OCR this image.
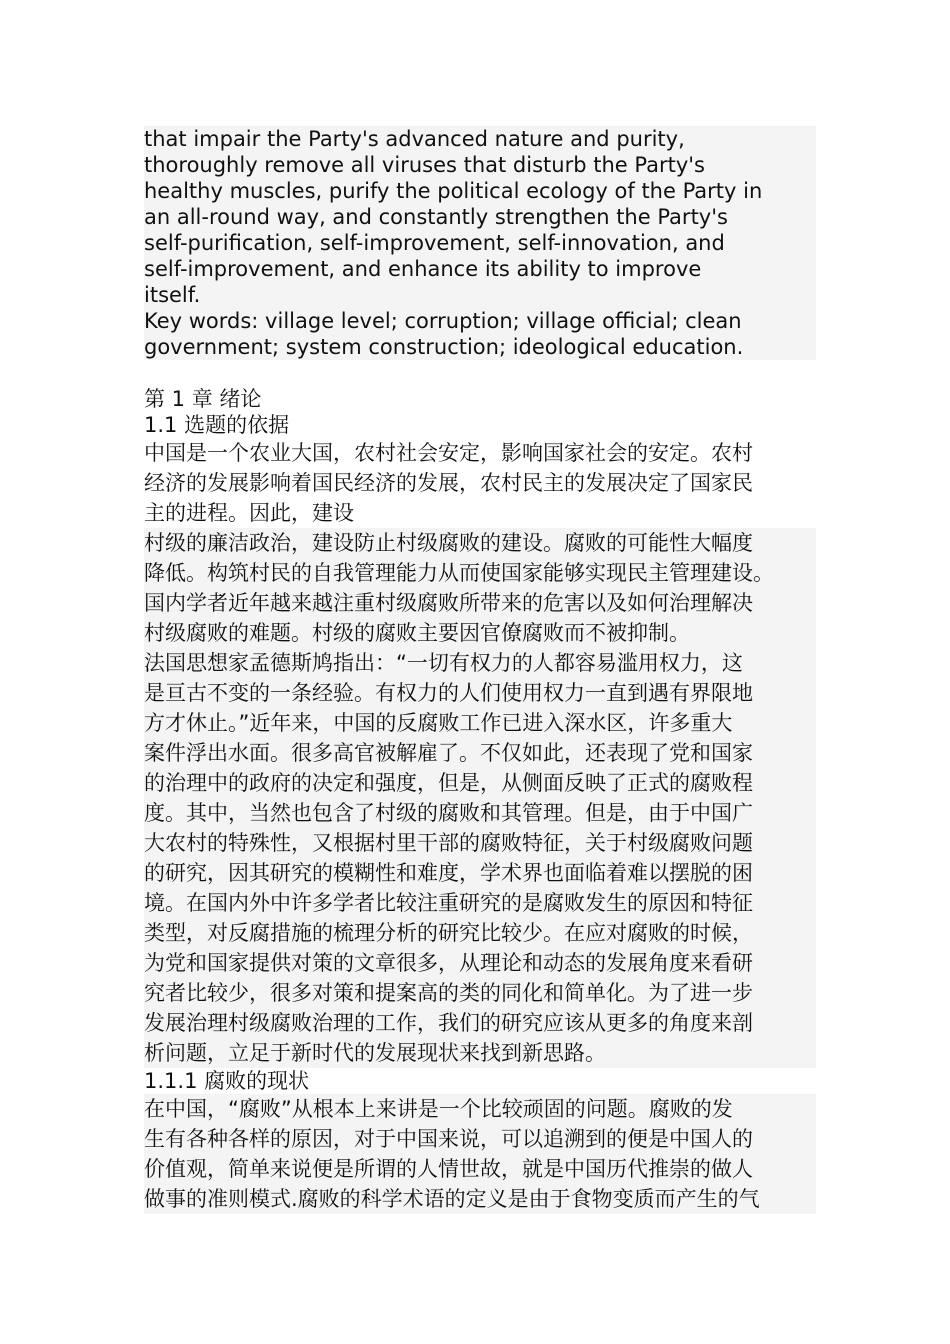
that impair the Party's advanced nature and purity,
thoroughly remove all viruses that disturb the Party's
healthy muscles, purify the political ecology of the Party in
an all-round way, and constantly strengthen the Party's
self-purification, self-improvement, self-innovation, and
self-improvement, and enhance its ability to improve
itself.
Key words: village level; corruption; village official; clean
government; system construction; ideological education.
第 1 章 绪论
1.1 选题的依据
中国是一个农业大国，农村社会安定，影响国家社会的安定。农村
经济的发展影响着国民经济的发展，农村民主的发展决定了国家民
主的进程。因此，建设
村级的廉洁政治，建设防止村级腐败的建设。腐败的可能性大幅度
降低。构筑村民的自我管理能力从而使国家能够实现民主管理建设。
国内学者近年越来越注重村级腐败所带来的危害以及如何治理解决
村级腐败的难题。村级的腐败主要因官僚腐败而不被抑制。
法国思想家孟德斯鸠指出：“一切有权力的人都容易滥用权力，这
是亘古不变的一条经验。有权力的人们使用权力一直到遇有界限地
方才休止。”近年来，中国的反腐败工作已进入深水区，许多重大
案件浮出水面。很多高官被解雇了。不仅如此，还表现了党和国家
的治理中的政府的决定和强度，但是，从侧面反映了正式的腐败程
度。其中，当然也包含了村级的腐败和其管理。但是，由于中国广
大农村的特殊性，又根据村里干部的腐败特征，关于村级腐败问题
的研究，因其研究的模糊性和难度，学术界也面临着难以摆脱的困
境。在国内外中许多学者比较注重研究的是腐败发生的原因和特征
类型，对反腐措施的梳理分析的研究比较少。在应对腐败的时候，
为党和国家提供对策的文章很多，从理论和动态的发展角度来看研
究者比较少，很多对策和提案高的类的同化和简单化。为了进一步
发展治理村级腐败治理的工作，我们的研究应该从更多的角度来剖
析问题，立足于新时代的发展现状来找到新思路。
1.1.1 腐败的现状
在中国，“腐败”从根本上来讲是一个比较顽固的问题。腐败的发
生有各种各样的原因，对于中国来说，可以追溯到的便是中国人的
价值观，简单来说便是所谓的人情世故，就是中国历代推崇的做人
做事的准则模式.腐败的科学术语的定义是由于食物变质而产生的气
